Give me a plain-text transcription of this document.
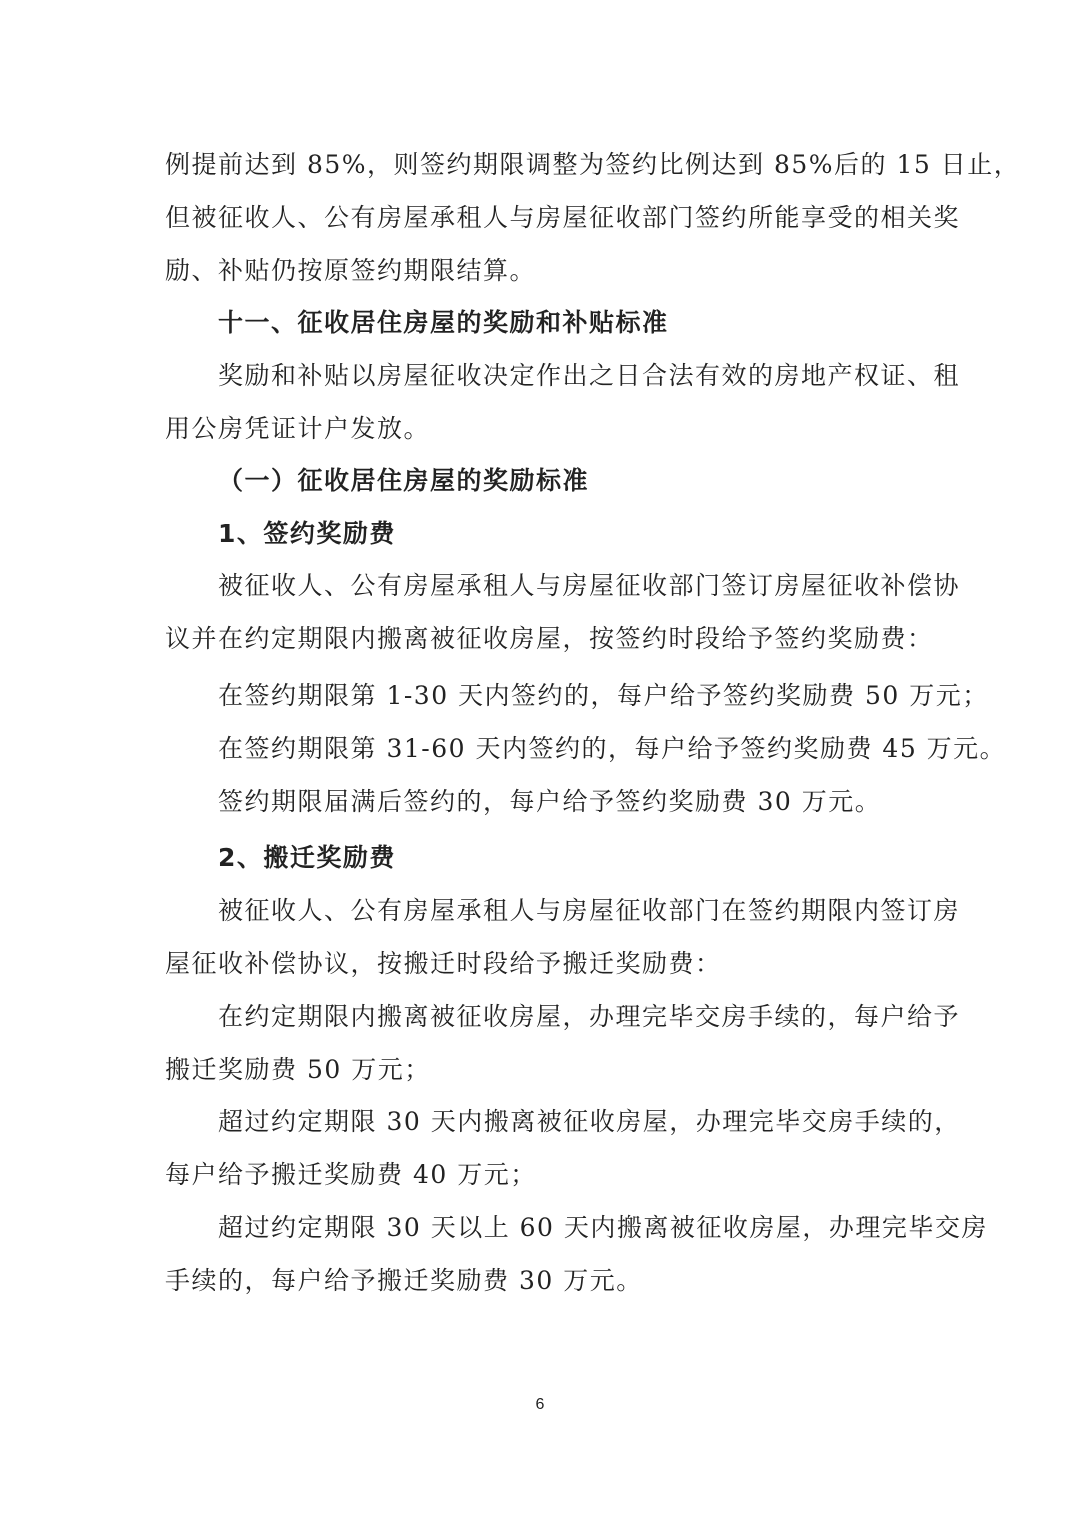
例提前达到 85%，则签约期限调整为签约比例达到 85%后的 15 日止，
但被征收人、公有房屋承租人与房屋征收部门签约所能享受的相关奖
励、补贴仍按原签约期限结算。
十一、征收居住房屋的奖励和补贴标准
奖励和补贴以房屋征收决定作出之日合法有效的房地产权证、租
用公房凭证计户发放。
（一）征收居住房屋的奖励标准
1、签约奖励费
被征收人、公有房屋承租人与房屋征收部门签订房屋征收补偿协
议并在约定期限内搬离被征收房屋，按签约时段给予签约奖励费：
在签约期限第 1-30 天内签约的，每户给予签约奖励费 50 万元；
在签约期限第 31-60 天内签约的，每户给予签约奖励费 45 万元。
签约期限届满后签约的，每户给予签约奖励费 30 万元。
2、搬迁奖励费
被征收人、公有房屋承租人与房屋征收部门在签约期限内签订房
屋征收补偿协议，按搬迁时段给予搬迁奖励费：
在约定期限内搬离被征收房屋，办理完毕交房手续的，每户给予
搬迁奖励费 50 万元；
超过约定期限 30 天内搬离被征收房屋，办理完毕交房手续的，
每户给予搬迁奖励费 40 万元；
超过约定期限 30 天以上 60 天内搬离被征收房屋，办理完毕交房
手续的，每户给予搬迁奖励费 30 万元。
6
